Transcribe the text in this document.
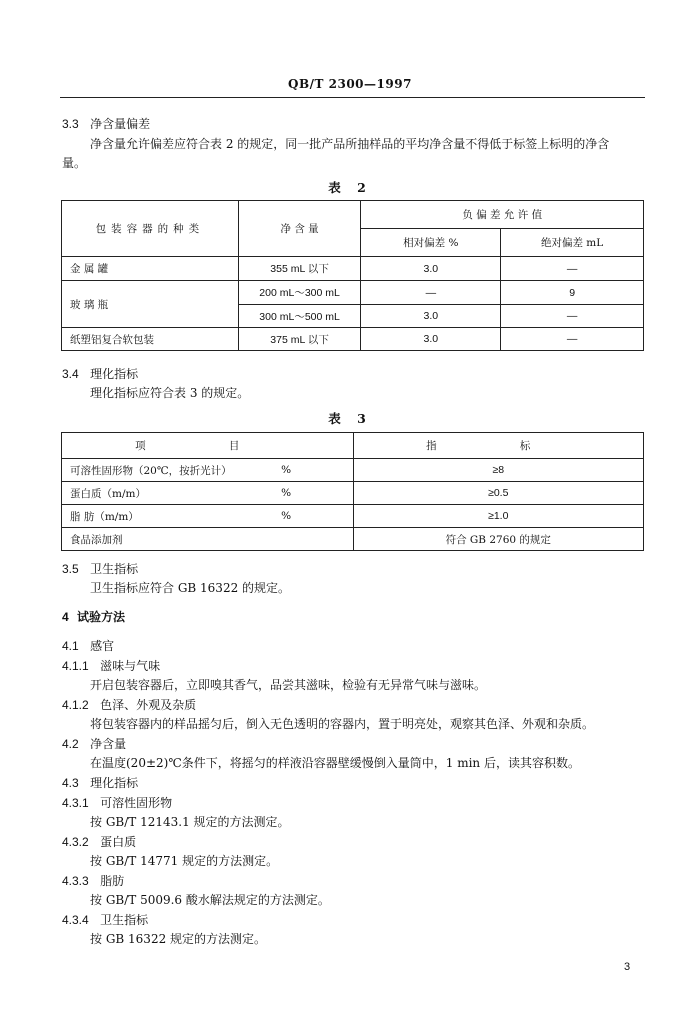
QB/T 2300—1997
3.3 净含量偏差
净含量允许偏差应符合表 2 的规定，同一批产品所抽样品的平均净含量不得低于标签上标明的净含
量。
表 2
包装容器的种类	净 含 量	负 偏 差 允 许 值	
		相对偏差 %	绝对偏差 mL
金 属 罐	355 mL 以下	3.0	—
玻 璃 瓶	200 mL～300 mL	—	9
	300 mL～500 mL	3.0	—
纸塑铝复合软包装	375 mL 以下	3.0	—
3.4 理化指标
理化指标应符合表 3 的规定。
表 3
项 目		指 标
可溶性固形物（20℃，按折光计）	%	≥8
蛋白质（m/m）	%	≥0.5
脂 肪（m/m）	%	≥1.0
食品添加剂		符合 GB 2760 的规定
3.5 卫生指标
卫生指标应符合 GB 16322 的规定。
4 试验方法
4.1 感官
4.1.1 滋味与气味
开启包装容器后，立即嗅其香气，品尝其滋味，检验有无异常气味与滋味。
4.1.2 色泽、外观及杂质
将包装容器内的样品摇匀后，倒入无色透明的容器内，置于明亮处，观察其色泽、外观和杂质。
4.2 净含量
在温度(20±2)℃条件下，将摇匀的样液沿容器壁缓慢倒入量筒中，1 min 后，读其容积数。
4.3 理化指标
4.3.1 可溶性固形物
按 GB/T 12143.1 规定的方法测定。
4.3.2 蛋白质
按 GB/T 14771 规定的方法测定。
4.3.3 脂肪
按 GB/T 5009.6 酸水解法规定的方法测定。
4.3.4 卫生指标
按 GB 16322 规定的方法测定。
3
